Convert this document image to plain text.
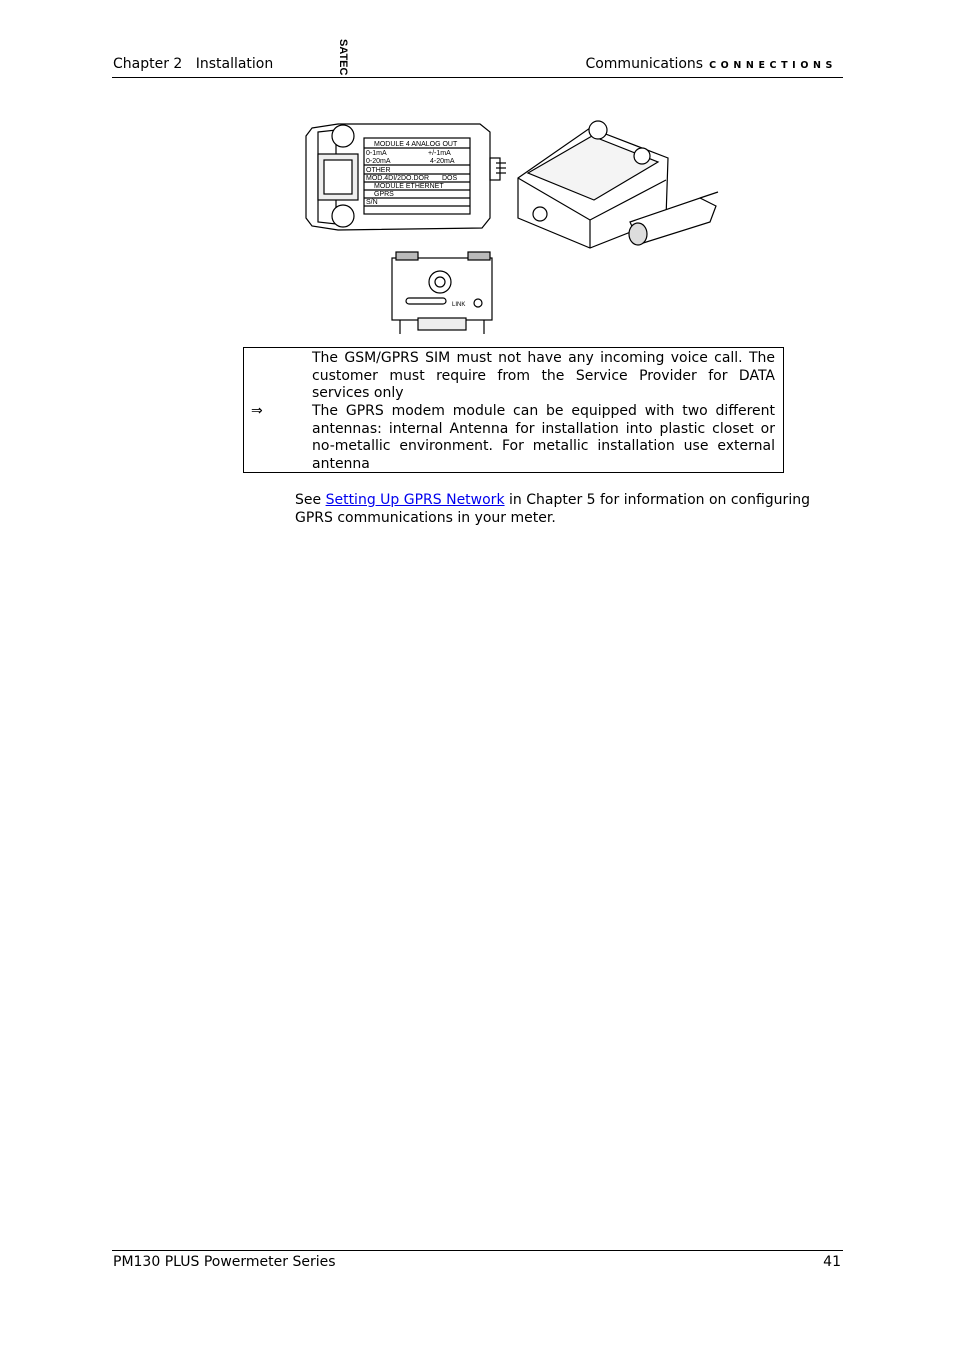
Chapter 2 Installation	Communications CONNECTIONS
SATEC
MODULE 4 ANALOG OUT
0-1mA	+/-1mA
0-20mA	4-20mA
OTHER
MOD.4DI/2DO.DOR DOS
MODULE ETHERNET
GPRS
S/N
LINK
⇒
The GSM/GPRS SIM must not have any incoming voice call. The customer must require from the Service Provider for DATA services only
The GPRS modem module can be equipped with two different antennas: internal Antenna for installation into plastic closet or no-metallic environment. For metallic installation use external antenna
See Setting Up GPRS Network in Chapter 5 for information on configuring GPRS communications in your meter.
PM130 PLUS Powermeter Series	41
